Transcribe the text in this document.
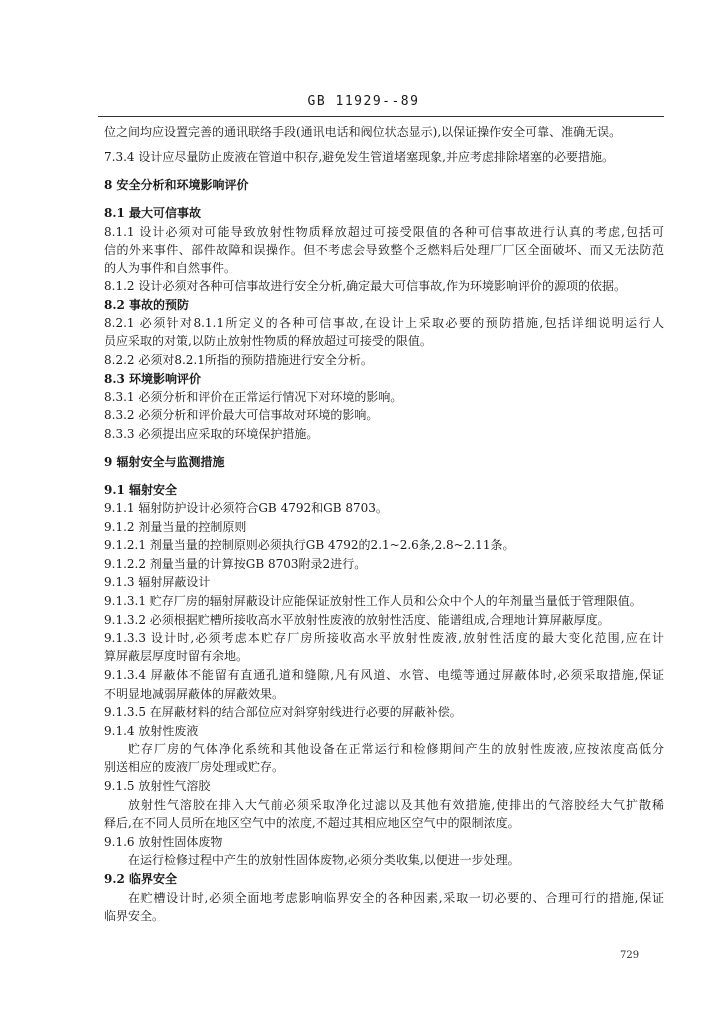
GB 11929--89
位之间均应设置完善的通讯联络手段(通讯电话和阀位状态显示),以保证操作安全可靠、准确无误。
7.3.4 设计应尽量防止废液在管道中积存,避免发生管道堵塞现象,并应考虑排除堵塞的必要措施。
8 安全分析和环境影响评价
8.1 最大可信事故
8.1.1 设计必须对可能导致放射性物质释放超过可接受限值的各种可信事故进行认真的考虑,包括可
信的外来事件、部件故障和误操作。但不考虑会导致整个乏燃料后处理厂厂区全面破坏、而又无法防范
的人为事件和自然事件。
8.1.2 设计必须对各种可信事故进行安全分析,确定最大可信事故,作为环境影响评价的源项的依据。
8.2 事故的预防
8.2.1 必须针对8.1.1所定义的各种可信事故,在设计上采取必要的预防措施,包括详细说明运行人
员应采取的对策,以防止放射性物质的释放超过可接受的限值。
8.2.2 必须对8.2.1所指的预防措施进行安全分析。
8.3 环境影响评价
8.3.1 必须分析和评价在正常运行情况下对环境的影响。
8.3.2 必须分析和评价最大可信事故对环境的影响。
8.3.3 必须提出应采取的环境保护措施。
9 辐射安全与监测措施
9.1 辐射安全
9.1.1 辐射防护设计必须符合GB 4792和GB 8703。
9.1.2 剂量当量的控制原则
9.1.2.1 剂量当量的控制原则必须执行GB 4792的2.1~2.6条,2.8~2.11条。
9.1.2.2 剂量当量的计算按GB 8703附录2进行。
9.1.3 辐射屏蔽设计
9.1.3.1 贮存厂房的辐射屏蔽设计应能保证放射性工作人员和公众中个人的年剂量当量低于管理限值。
9.1.3.2 必须根据贮槽所接收高水平放射性废液的放射性活度、能谱组成,合理地计算屏蔽厚度。
9.1.3.3 设计时,必须考虑本贮存厂房所接收高水平放射性废液,放射性活度的最大变化范围,应在计
算屏蔽层厚度时留有余地。
9.1.3.4 屏蔽体不能留有直通孔道和缝隙,凡有风道、水管、电缆等通过屏蔽体时,必须采取措施,保证
不明显地减弱屏蔽体的屏蔽效果。
9.1.3.5 在屏蔽材料的结合部位应对斜穿射线进行必要的屏蔽补偿。
9.1.4 放射性废液
贮存厂房的气体净化系统和其他设备在正常运行和检修期间产生的放射性废液,应按浓度高低分
别送相应的废液厂房处理或贮存。
9.1.5 放射性气溶胶
放射性气溶胶在排入大气前必须采取净化过滤以及其他有效措施,使排出的气溶胶经大气扩散稀
释后,在不同人员所在地区空气中的浓度,不超过其相应地区空气中的限制浓度。
9.1.6 放射性固体废物
在运行检修过程中产生的放射性固体废物,必须分类收集,以便进一步处理。
9.2 临界安全
在贮槽设计时,必须全面地考虑影响临界安全的各种因素,采取一切必要的、合理可行的措施,保证
临界安全。
729
